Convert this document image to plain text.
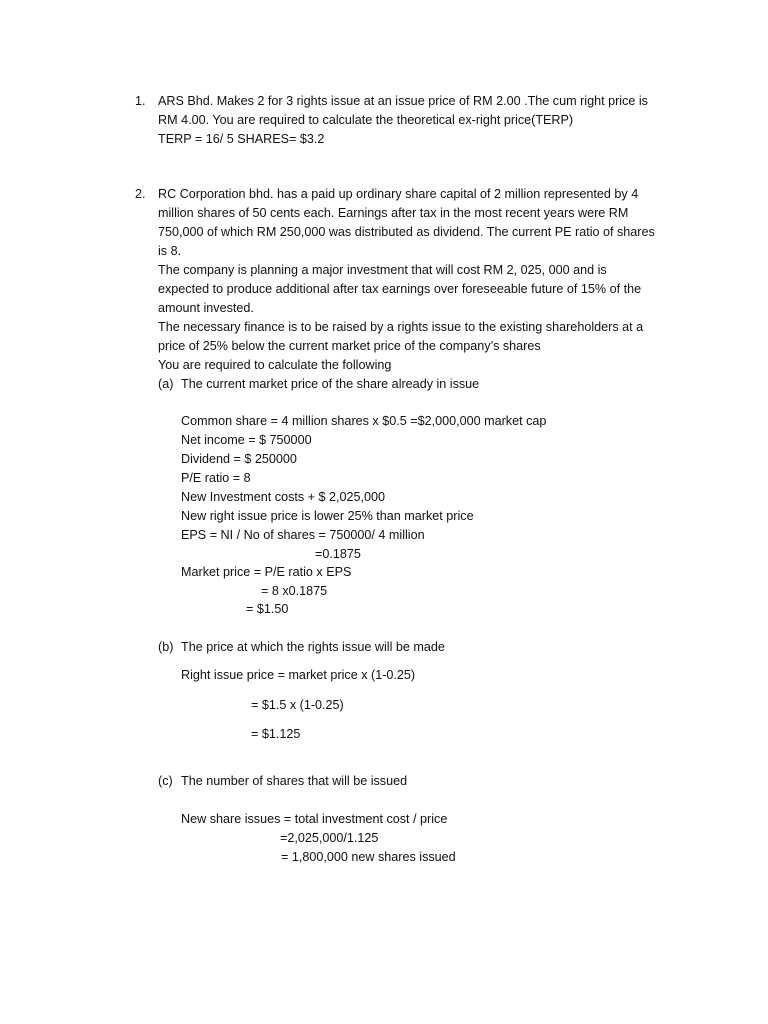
1. ARS Bhd. Makes 2 for 3 rights issue at an issue price of RM 2.00 .The cum right price is
RM 4.00. You are required to calculate the theoretical ex-right price(TERP)
TERP = 16/ 5 SHARES= $3.2
2. RC Corporation bhd. has a paid up ordinary share capital of 2 million represented by 4
million shares of 50 cents each. Earnings after tax in the most recent years were RM
750,000 of which RM 250,000 was distributed as dividend. The current PE ratio of shares
is 8.
The company is planning a major investment that will cost RM 2, 025, 000 and is
expected to produce additional after tax earnings over foreseeable future of 15% of the
amount invested.
The necessary finance is to be raised by a rights issue to the existing shareholders at a
price of 25% below the current market price of the company’s shares
You are required to calculate the following
(a) The current market price of the share already in issue
Common share = 4 million shares x $0.5 =$2,000,000 market cap
Net income = $ 750000
Dividend = $ 250000
P/E ratio = 8
New Investment costs + $ 2,025,000
New right issue price is lower 25% than market price
EPS = NI / No of shares = 750000/ 4 million
=0.1875
Market price = P/E ratio x EPS
= 8 x0.1875
= $1.50
(b) The price at which the rights issue will be made
Right issue price = market price x (1-0.25)
= $1.5 x (1-0.25)
= $1.125
(c) The number of shares that will be issued
New share issues = total investment cost / price
=2,025,000/1.125
= 1,800,000 new shares issued
